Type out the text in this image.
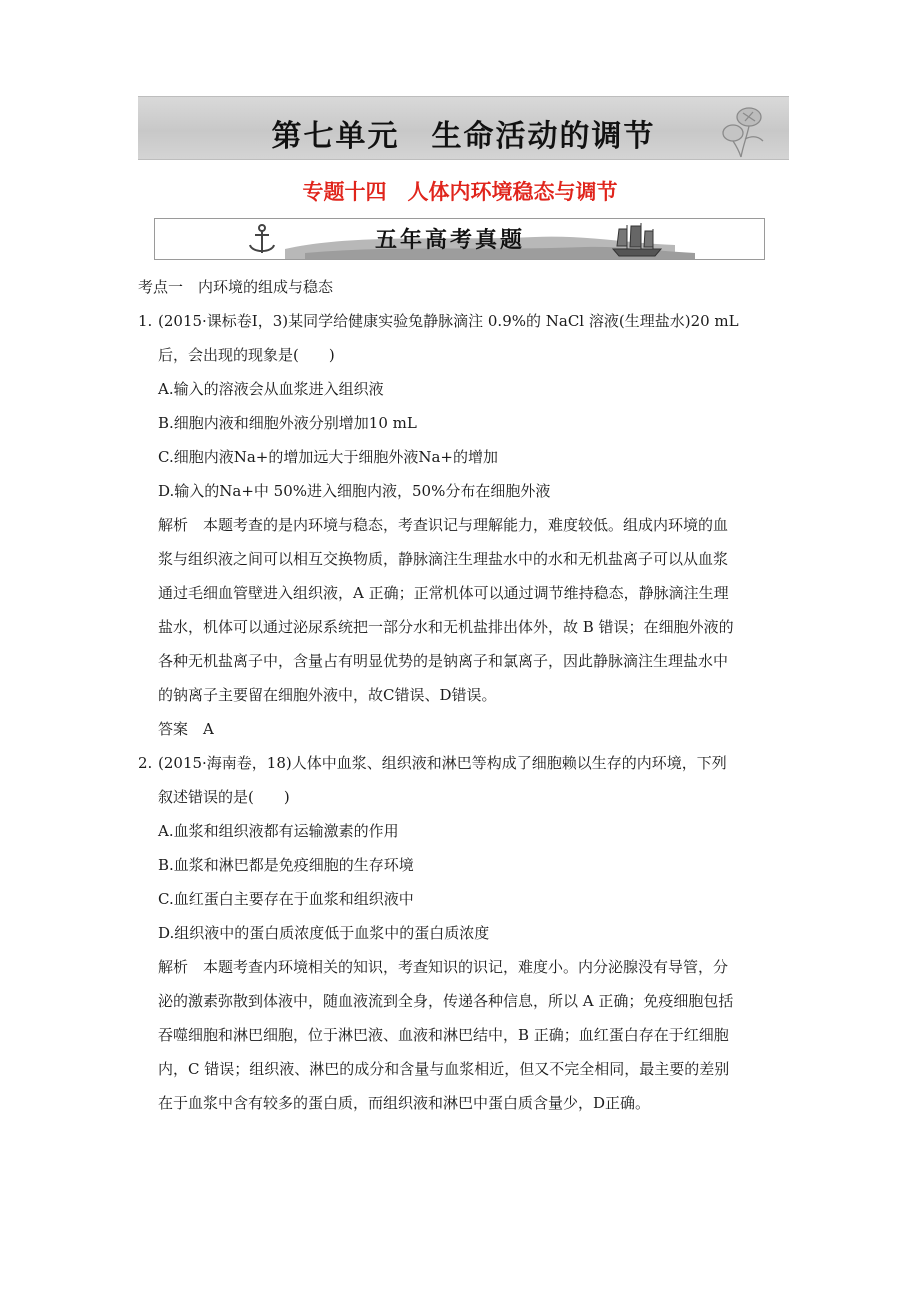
第七单元　生命活动的调节
专题十四　人体内环境稳态与调节
五年高考真题

考点一　内环境的组成与稳态

1. (2015·课标卷Ⅰ，3)某同学给健康实验兔静脉滴注 0.9%的 NaCl 溶液(生理盐水)20 mL
后，会出现的现象是(　　)
A.输入的溶液会从血浆进入组织液
B.细胞内液和细胞外液分别增加10 mL
C.细胞内液Na+的增加远大于细胞外液Na+的增加
D.输入的Na+中 50%进入细胞内液，50%分布在细胞外液
解析　本题考查的是内环境与稳态，考查识记与理解能力，难度较低。组成内环境的血
浆与组织液之间可以相互交换物质，静脉滴注生理盐水中的水和无机盐离子可以从血浆
通过毛细血管壁进入组织液，A 正确；正常机体可以通过调节维持稳态，静脉滴注生理
盐水，机体可以通过泌尿系统把一部分水和无机盐排出体外，故 B 错误；在细胞外液的
各种无机盐离子中，含量占有明显优势的是钠离子和氯离子，因此静脉滴注生理盐水中
的钠离子主要留在细胞外液中，故C错误、D错误。
答案　A
2. (2015·海南卷，18)人体中血浆、组织液和淋巴等构成了细胞赖以生存的内环境，下列
叙述错误的是(　　)
A.血浆和组织液都有运输激素的作用
B.血浆和淋巴都是免疫细胞的生存环境
C.血红蛋白主要存在于血浆和组织液中
D.组织液中的蛋白质浓度低于血浆中的蛋白质浓度
解析　本题考查内环境相关的知识，考查知识的识记，难度小。内分泌腺没有导管，分
泌的激素弥散到体液中，随血液流到全身，传递各种信息，所以 A 正确；免疫细胞包括
吞噬细胞和淋巴细胞，位于淋巴液、血液和淋巴结中，B 正确；血红蛋白存在于红细胞
内，C 错误；组织液、淋巴的成分和含量与血浆相近，但又不完全相同，最主要的差别
在于血浆中含有较多的蛋白质，而组织液和淋巴中蛋白质含量少，D正确。
